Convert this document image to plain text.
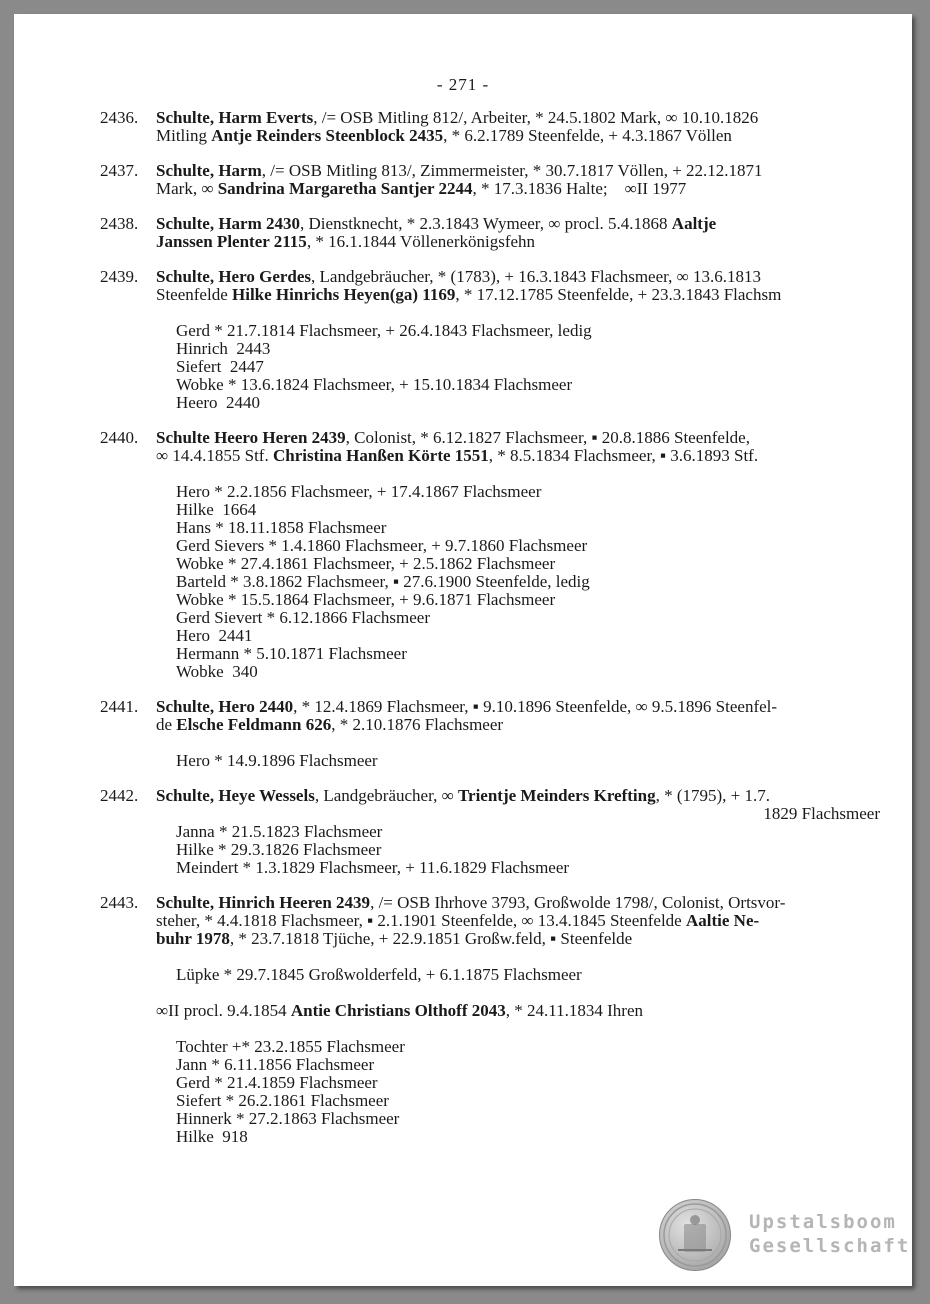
- 271 -
2436.	Schulte, Harm Everts, /= OSB Mitling 812/, Arbeiter, * 24.5.1802 Mark, ∞ 10.10.1826
Mitling Antje Reinders Steenblock 2435, * 6.2.1789 Steenfelde, + 4.3.1867 Völlen
2437.	Schulte, Harm, /= OSB Mitling 813/, Zimmermeister, * 30.7.1817 Völlen, + 22.12.1871
Mark, ∞ Sandrina Margaretha Santjer 2244, * 17.3.1836 Halte;    ∞II 1977
2438.	Schulte, Harm 2430, Dienstknecht, * 2.3.1843 Wymeer, ∞ procl. 5.4.1868 Aaltje
Janssen Plenter 2115, * 16.1.1844 Völlenerkönigsfehn
2439.	Schulte, Hero Gerdes, Landgebräucher, * (1783), + 16.3.1843 Flachsmeer, ∞ 13.6.1813
Steenfelde Hilke Hinrichs Heyen(ga) 1169, * 17.12.1785 Steenfelde, + 23.3.1843 Flachsm
Gerd * 21.7.1814 Flachsmeer, + 26.4.1843 Flachsmeer, ledig
Hinrich  2443
Siefert  2447
Wobke * 13.6.1824 Flachsmeer, + 15.10.1834 Flachsmeer
Heero  2440
2440.	Schulte Heero Heren 2439, Colonist, * 6.12.1827 Flachsmeer, ▪ 20.8.1886 Steenfelde,
∞ 14.4.1855 Stf. Christina Hanßen Körte 1551, * 8.5.1834 Flachsmeer, ▪ 3.6.1893 Stf.
Hero * 2.2.1856 Flachsmeer, + 17.4.1867 Flachsmeer
Hilke  1664
Hans * 18.11.1858 Flachsmeer
Gerd Sievers * 1.4.1860 Flachsmeer, + 9.7.1860 Flachsmeer
Wobke * 27.4.1861 Flachsmeer, + 2.5.1862 Flachsmeer
Barteld * 3.8.1862 Flachsmeer, ▪ 27.6.1900 Steenfelde, ledig
Wobke * 15.5.1864 Flachsmeer, + 9.6.1871 Flachsmeer
Gerd Sievert * 6.12.1866 Flachsmeer
Hero  2441
Hermann * 5.10.1871 Flachsmeer
Wobke  340
2441.	Schulte, Hero 2440, * 12.4.1869 Flachsmeer, ▪ 9.10.1896 Steenfelde, ∞ 9.5.1896 Steenfel-
de Elsche Feldmann 626, * 2.10.1876 Flachsmeer
Hero * 14.9.1896 Flachsmeer
2442.	Schulte, Heye Wessels, Landgebräucher, ∞ Trientje Meinders Krefting, * (1795), + 1.7.
1829 Flachsmeer
Janna * 21.5.1823 Flachsmeer
Hilke * 29.3.1826 Flachsmeer
Meindert * 1.3.1829 Flachsmeer, + 11.6.1829 Flachsmeer
2443.	Schulte, Hinrich Heeren 2439, /= OSB Ihrhove 3793, Großwolde 1798/, Colonist, Ortsvor-
steher, * 4.4.1818 Flachsmeer, ▪ 2.1.1901 Steenfelde, ∞ 13.4.1845 Steenfelde Aaltie Ne-
buhr 1978, * 23.7.1818 Tjüche, + 22.9.1851 Großw.feld, ▪ Steenfelde
Lüpke * 29.7.1845 Großwolderfeld, + 6.1.1875 Flachsmeer
∞II procl. 9.4.1854 Antie Christians Olthoff 2043, * 24.11.1834 Ihren
Tochter +* 23.2.1855 Flachsmeer
Jann * 6.11.1856 Flachsmeer
Gerd * 21.4.1859 Flachsmeer
Siefert * 26.2.1861 Flachsmeer
Hinnerk * 27.2.1863 Flachsmeer
Hilke  918
Upstalsboom
Gesellschaft
